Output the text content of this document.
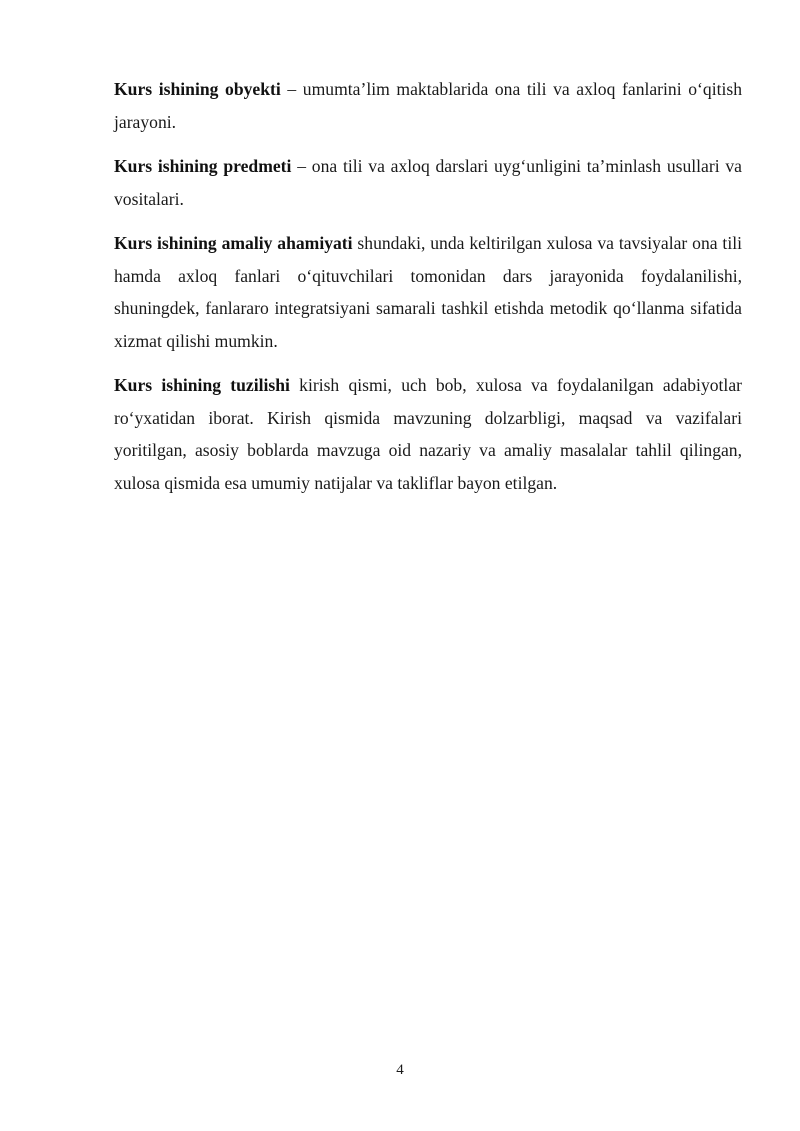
Kurs ishining obyekti – umumta’lim maktablarida ona tili va axloq fanlarini o‘qitish jarayoni.

Kurs ishining predmeti – ona tili va axloq darslari uyg‘unligini ta’minlash usullari va vositalari.

Kurs ishining amaliy ahamiyati shundaki, unda keltirilgan xulosa va tavsiyalar ona tili hamda axloq fanlari o‘qituvchilari tomonidan dars jarayonida foydalanilishi, shuningdek, fanlararo integratsiyani samarali tashkil etishda metodik qo‘llanma sifatida xizmat qilishi mumkin.

Kurs ishining tuzilishi kirish qismi, uch bob, xulosa va foydalanilgan adabiyotlar ro‘yxatidan iborat. Kirish qismida mavzuning dolzarbligi, maqsad va vazifalari yoritilgan, asosiy boblarda mavzuga oid nazariy va amaliy masalalar tahlil qilingan, xulosa qismida esa umumiy natijalar va takliflar bayon etilgan.

4
